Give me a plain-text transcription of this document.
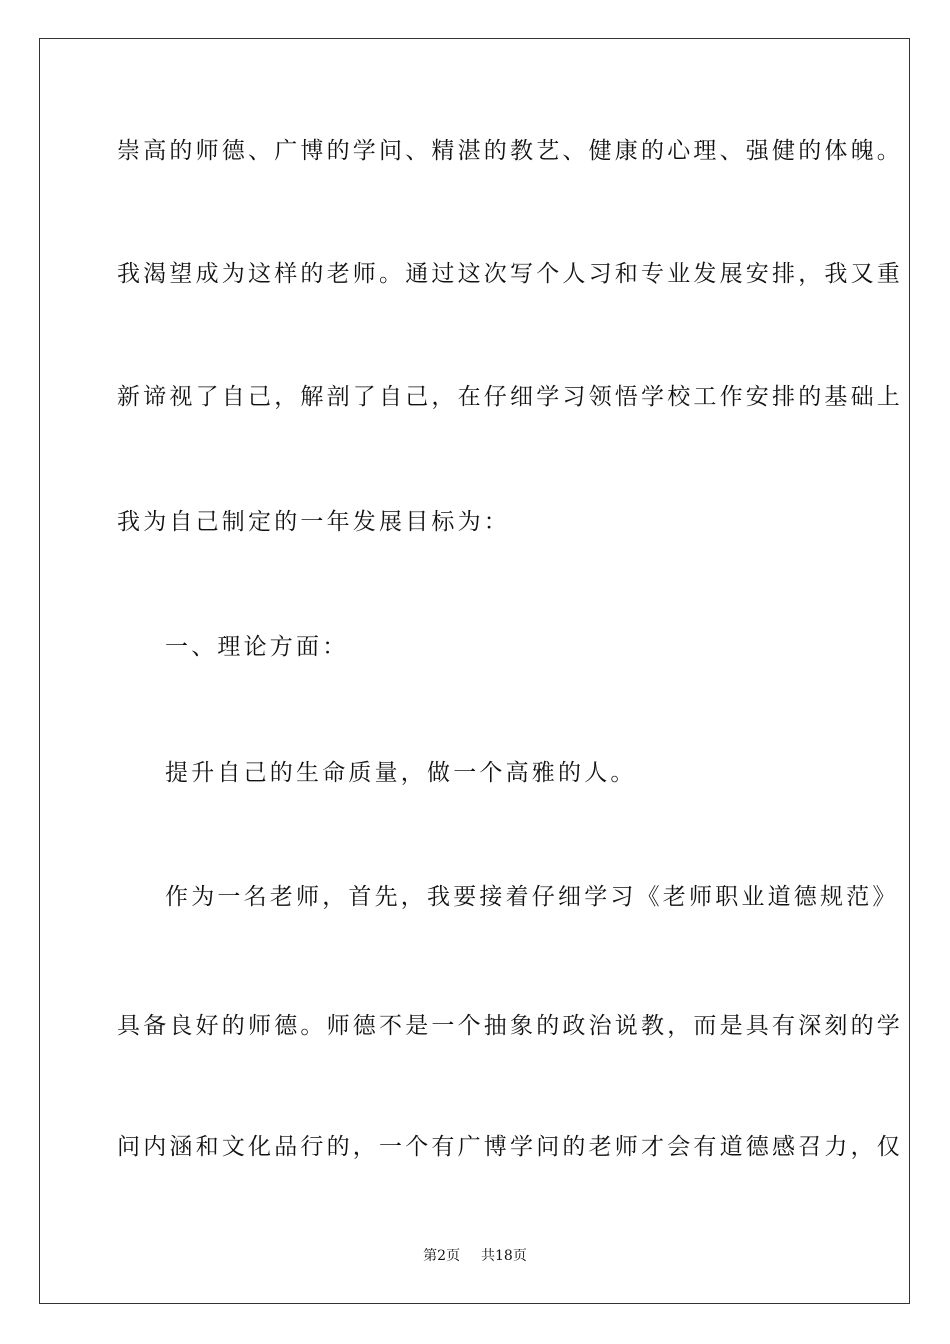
崇高的师德、广博的学问、精湛的教艺、健康的心理、强健的体魄。
我渴望成为这样的老师。通过这次写个人习和专业发展安排，我又重
新谛视了自己，解剖了自己，在仔细学习领悟学校工作安排的基础上
我为自己制定的一年发展目标为：
一、理论方面：
提升自己的生命质量，做一个高雅的人。
作为一名老师，首先，我要接着仔细学习《老师职业道德规范》
具备良好的师德。师德不是一个抽象的政治说教，而是具有深刻的学
问内涵和文化品行的，一个有广博学问的老师才会有道德感召力，仅
第2页 共18页
